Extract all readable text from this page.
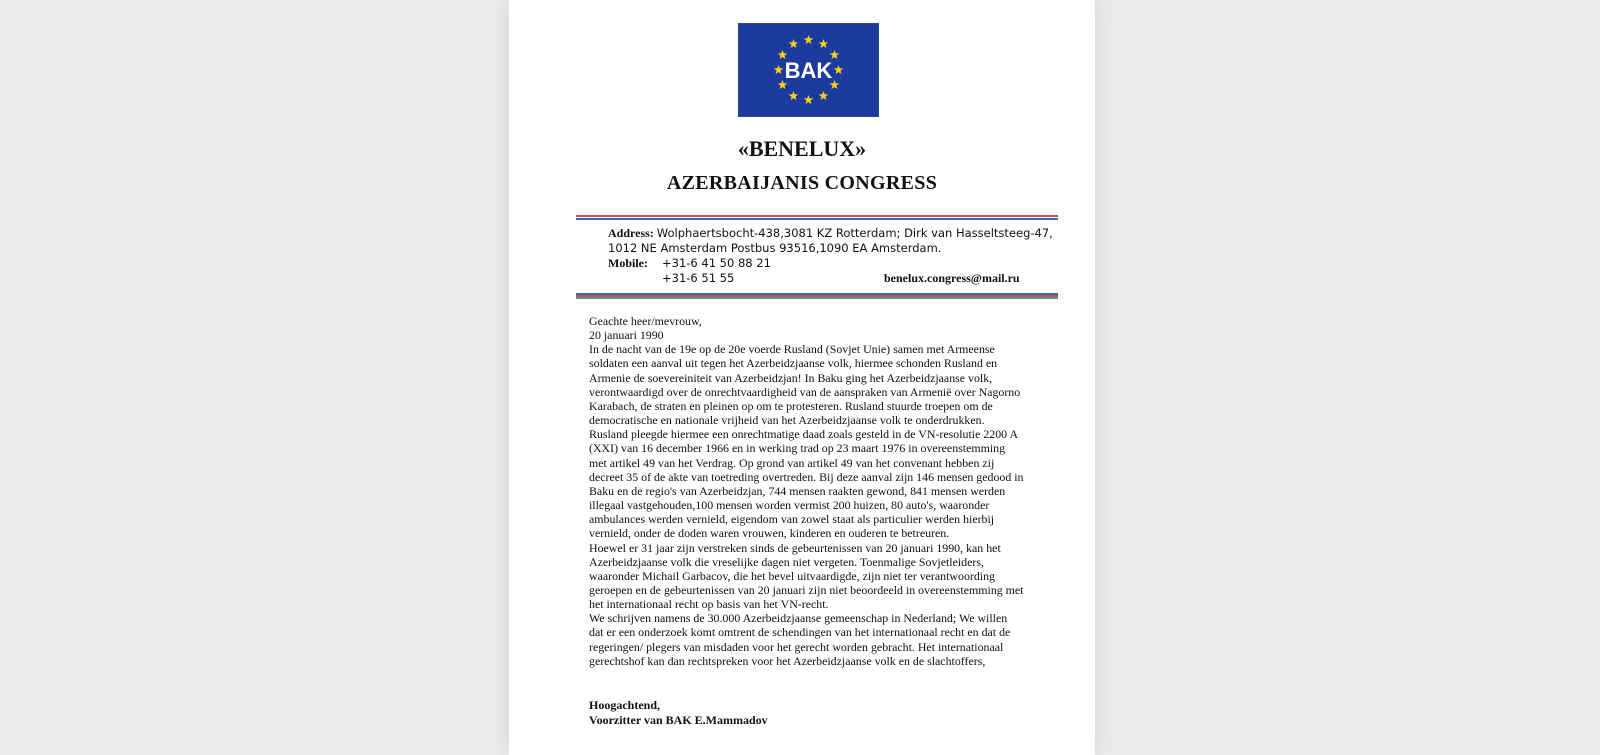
BAK
«BENELUX»
AZERBAIJANIS CONGRESS
Address: Wolphaertsbocht-438,3081 KZ Rotterdam; Dirk van Hasseltsteeg-47,
1012 NE Amsterdam Postbus 93516,1090 EA Amsterdam.
Mobile: +31-6 41 50 88 21
+31-6 51 55	benelux.congress@mail.ru

Geachte heer/mevrouw,

20 januari 1990

In de nacht van de 19e op de 20e voerde Rusland (Sovjet Unie) samen met Armeense

soldaten een aanval uit tegen het Azerbeidzjaanse volk, hiermee schonden Rusland en

Armenie de soevereiniteit van Azerbeidzjan! In Baku ging het Azerbeidzjaanse volk,

verontwaardigd over de onrechtvaardigheid van de aanspraken van Armenië over Nagorno

Karabach, de straten en pleinen op om te protesteren. Rusland stuurde troepen om de

democratische en nationale vrijheid van het Azerbeidzjaanse volk te onderdrukken.

Rusland pleegde hiermee een onrechtmatige daad zoals gesteld in de VN-resolutie 2200 A

(XXI) van 16 december 1966 en in werking trad op 23 maart 1976 in overeenstemming

met artikel 49 van het Verdrag. Op grond van artikel 49 van het convenant hebben zij

decreet 35 of de akte van toetreding overtreden. Bij deze aanval zijn 146 mensen gedood in

Baku en de regio's van Azerbeidzjan, 744 mensen raakten gewond, 841 mensen werden

illegaal vastgehouden,100 mensen worden vermist 200 huizen, 80 auto's, waaronder

ambulances werden vernield, eigendom van zowel staat als particulier werden hierbij

vernield, onder de doden waren vrouwen, kinderen en ouderen te betreuren.

Hoewel er 31 jaar zijn verstreken sinds de gebeurtenissen van 20 januari 1990, kan het

Azerbeidzjaanse volk die vreselijke dagen niet vergeten. Toenmalige Sovjetleiders,

waaronder Michail Garbacov, die het bevel uitvaardigde, zijn niet ter verantwoording

geroepen en de gebeurtenissen van 20 januari zijn niet beoordeeld in overeenstemming met

het internationaal recht op basis van het VN-recht.

We schrijven namens de 30.000 Azerbeidzjaanse gemeenschap in Nederland; We willen

dat er een onderzoek komt omtrent de schendingen van het internationaal recht en dat de

regeringen/ plegers van misdaden voor het gerecht worden gebracht. Het internationaal

gerechtshof kan dan rechtspreken voor het Azerbeidzjaanse volk en de slachtoffers,

Hoogachtend,

Voorzitter van BAK E.Mammadov
